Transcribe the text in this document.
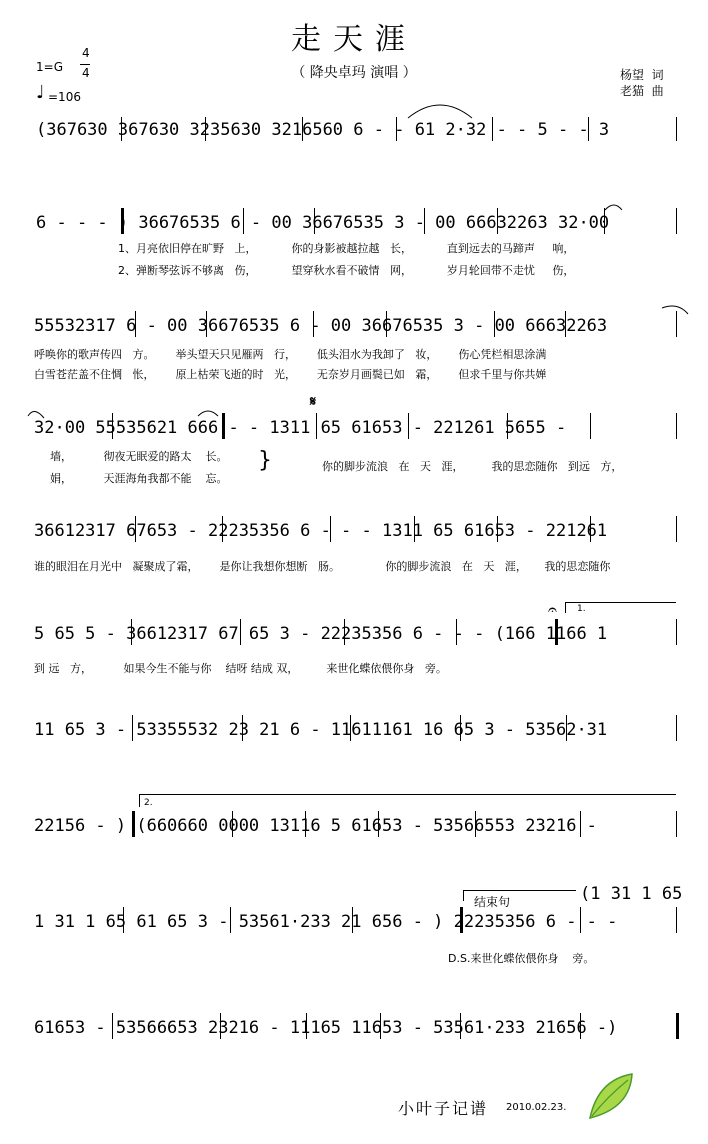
走天涯
（ 降央卓玛 演唱 ）
1=G
4
4
♩ =106
杨望  词
老猫  曲
(367630 367630 3235630 3216560 6 - - 61 2·32 - - 5 - - 3
6 - - - ) 36676535 6 - 00 36676535 3 - 00 66632263 32·00
1、月亮依旧停在旷野   上，          你的身影被越拉越   长，          直到远去的马蹄声     响，
2、弹断琴弦诉不够离   伤，          望穿秋水看不破情   网，          岁月轮回带不走忧     伤，
55532317 6 - 00 36676535 6 - 00 36676535 3 - 00 66632263
呼唤你的歌声传四   方。      举头望天只见雁两   行，      低头泪水为我卸了   妆，      伤心凭栏相思涂满
白雪苍茫盖不住惆   怅，      原上枯荣飞逝的时   光，      无奈岁月画鬓已如   霜，      但求千里与你共婵
32·00 55535621 666 - - 1311 65 61653 - 221261 5655 -
墙，         彻夜无眠爱的路太    长。
娟，         天涯海角我都不能    忘。
你的脚步流浪   在   天   涯，        我的思恋随你   到远   方，
}
𝄋
36612317 67653 - 22235356 6 - - - 1311 65 61653 - 221261
谁的眼泪在月光中   凝聚成了霜，      是你让我想你想断   肠。             你的脚步流浪   在   天   涯，     我的思恋随你
5 65 5 - 36612317 67 65 3 - 22235356 6 - - - (166 1166 1
到 远   方，         如果今生不能与你    结呀 结成 双，        来世化蝶依偎你身   旁。
1.
𝄐
11 65 3 - 53355532 23 21 6 - 11611161 16 65 3 - 53562·31
22156 - ) (660660 0000 13116 5 61653 - 53566553 23216 -
2.
1 31 1 65 61 65 3 - 53561·233 21 656 - ) 22235356 6 - - -
D.S.来世化蝶依偎你身    旁。
结束句	(1 31 1 65
61653 - 53566653 23216 - 11165 11653 - 53561·233 21656 -)
小叶子记谱 2010.02.23.
